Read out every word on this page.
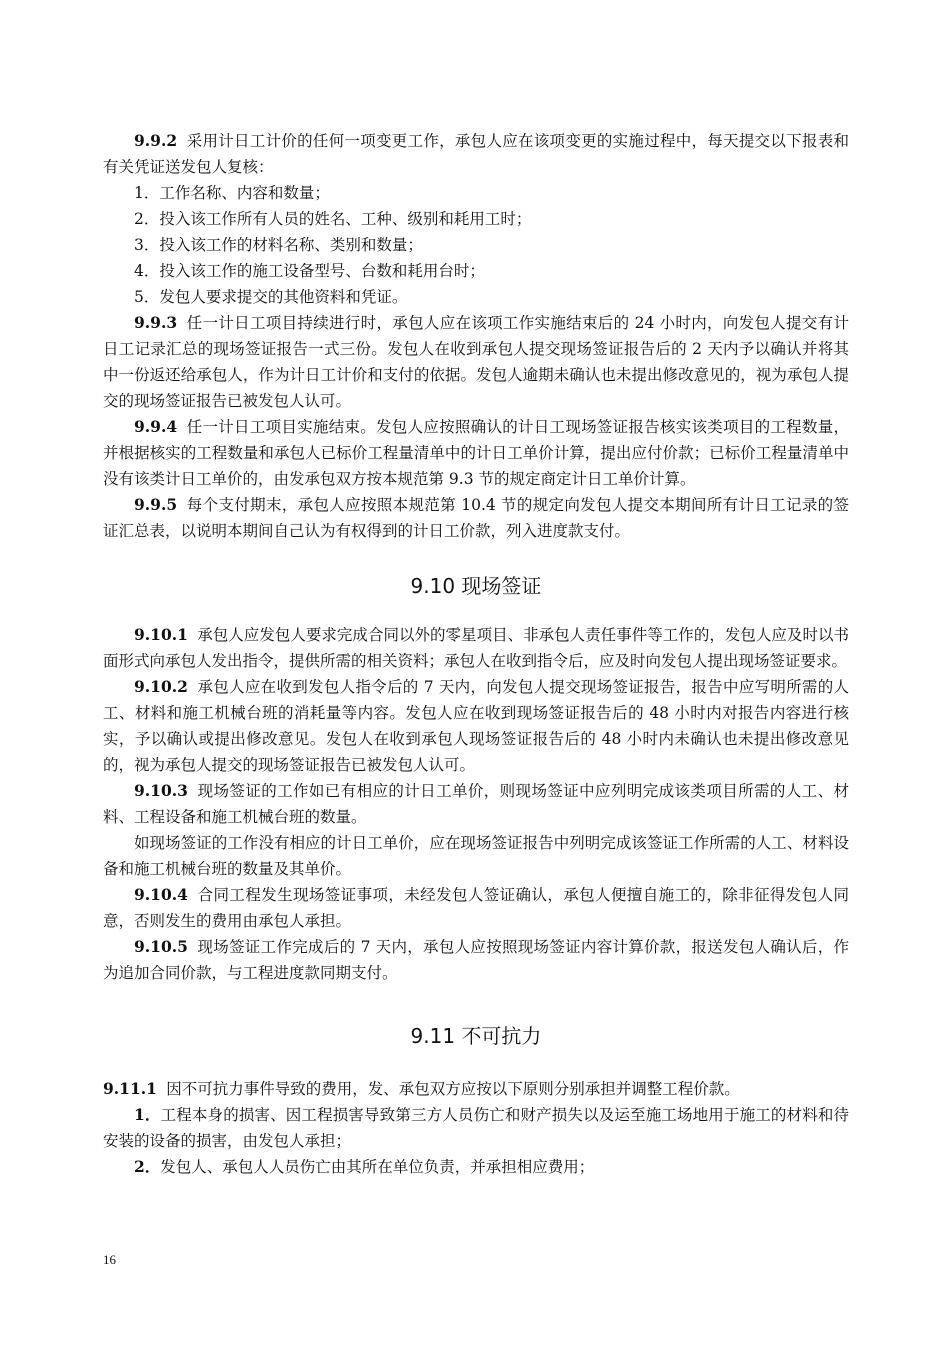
9.9.2 采用计日工计价的任何一项变更工作，承包人应在该项变更的实施过程中，每天提交以下报表和有关凭证送发包人复核：

1．工作名称、内容和数量；

2．投入该工作所有人员的姓名、工种、级别和耗用工时；

3．投入该工作的材料名称、类别和数量；

4．投入该工作的施工设备型号、台数和耗用台时；

5．发包人要求提交的其他资料和凭证。

9.9.3 任一计日工项目持续进行时，承包人应在该项工作实施结束后的 24 小时内，向发包人提交有计日工记录汇总的现场签证报告一式三份。发包人在收到承包人提交现场签证报告后的 2 天内予以确认并将其中一份返还给承包人，作为计日工计价和支付的依据。发包人逾期未确认也未提出修改意见的，视为承包人提交的现场签证报告已被发包人认可。

9.9.4 任一计日工项目实施结束。发包人应按照确认的计日工现场签证报告核实该类项目的工程数量，并根据核实的工程数量和承包人已标价工程量清单中的计日工单价计算，提出应付价款；已标价工程量清单中没有该类计日工单价的，由发承包双方按本规范第 9.3 节的规定商定计日工单价计算。

9.9.5 每个支付期末，承包人应按照本规范第 10.4 节的规定向发包人提交本期间所有计日工记录的签证汇总表，以说明本期间自己认为有权得到的计日工价款，列入进度款支付。

9.10 现场签证

9.10.1 承包人应发包人要求完成合同以外的零星项目、非承包人责任事件等工作的，发包人应及时以书面形式向承包人发出指令，提供所需的相关资料；承包人在收到指令后，应及时向发包人提出现场签证要求。

9.10.2 承包人应在收到发包人指令后的 7 天内，向发包人提交现场签证报告，报告中应写明所需的人工、材料和施工机械台班的消耗量等内容。发包人应在收到现场签证报告后的 48 小时内对报告内容进行核实，予以确认或提出修改意见。发包人在收到承包人现场签证报告后的 48 小时内未确认也未提出修改意见的，视为承包人提交的现场签证报告已被发包人认可。

9.10.3 现场签证的工作如已有相应的计日工单价，则现场签证中应列明完成该类项目所需的人工、材料、工程设备和施工机械台班的数量。

如现场签证的工作没有相应的计日工单价，应在现场签证报告中列明完成该签证工作所需的人工、材料设备和施工机械台班的数量及其单价。

9.10.4 合同工程发生现场签证事项，未经发包人签证确认，承包人便擅自施工的，除非征得发包人同意，否则发生的费用由承包人承担。

9.10.5 现场签证工作完成后的 7 天内，承包人应按照现场签证内容计算价款，报送发包人确认后，作为追加合同价款，与工程进度款同期支付。

9.11 不可抗力

9.11.1 因不可抗力事件导致的费用，发、承包双方应按以下原则分别承担并调整工程价款。

1．工程本身的损害、因工程损害导致第三方人员伤亡和财产损失以及运至施工场地用于施工的材料和待安装的设备的损害，由发包人承担；

2．发包人、承包人人员伤亡由其所在单位负责，并承担相应费用；

16
